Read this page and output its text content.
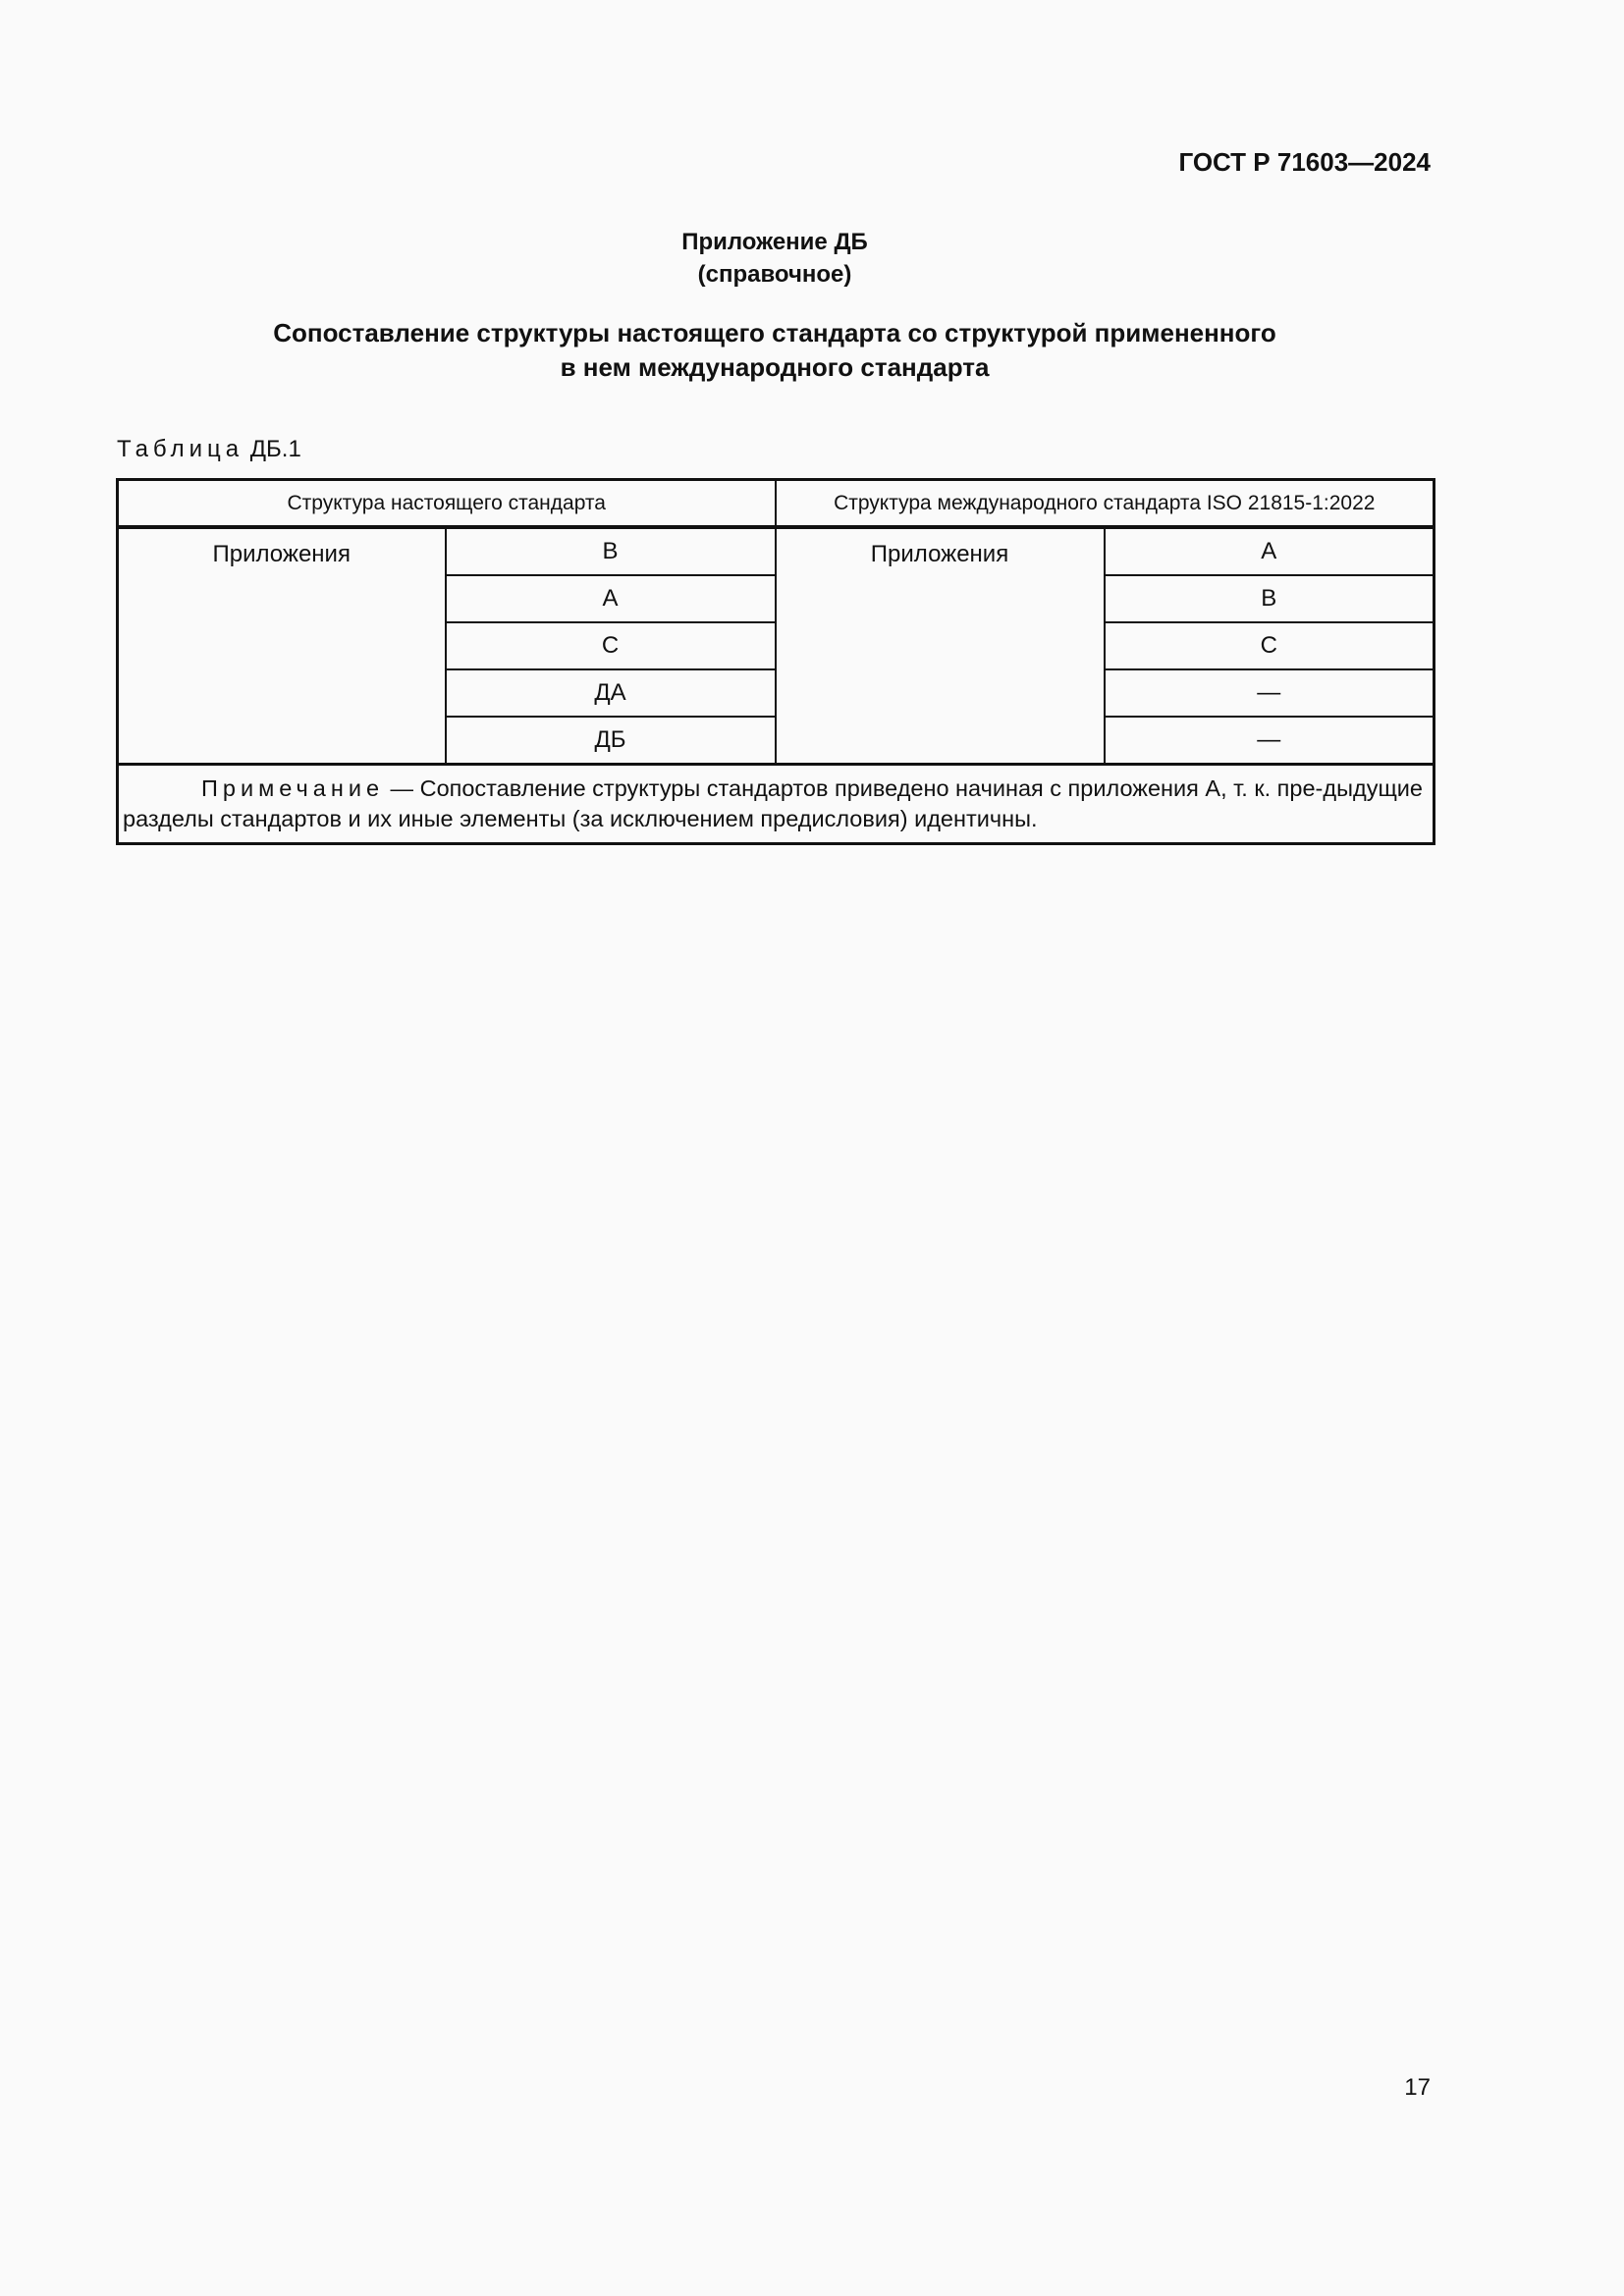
ГОСТ Р 71603—2024
Приложение ДБ
(справочное)
Сопоставление структуры настоящего стандарта со структурой примененного
в нем международного стандарта
Таблица ДБ.1
Структура настоящего стандарта		Структура международного стандарта ISO 21815-1:2022	
Приложения	В	Приложения	А
	А		В
	С		С
	ДА		—
	ДБ		—
Примечание — Сопоставление структуры стандартов приведено начиная с приложения А, т. к. пре-дыдущие разделы стандартов и их иные элементы (за исключением предисловия) идентичны.			
17
